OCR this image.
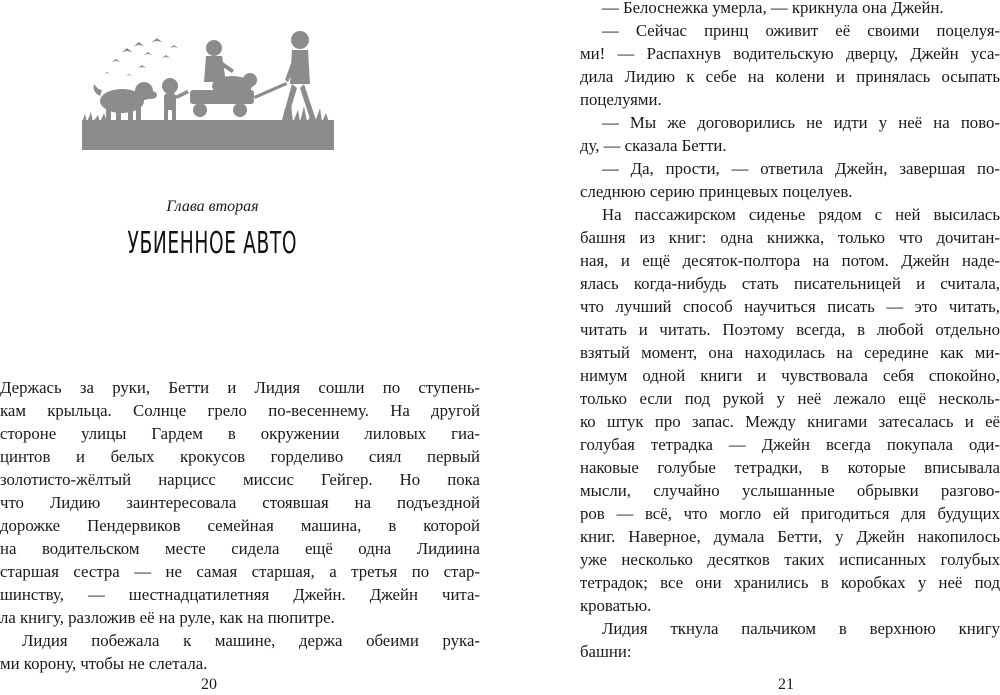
Глава вторая
УБИЕННОЕ АВТО
Держась за руки, Бетти и Лидия сошли по ступень-
кам крыльца. Солнце грело по-весеннему. На другой
стороне улицы Гардем в окружении лиловых гиа-
цинтов и белых крокусов горделиво сиял первый
золотисто-жёлтый нарцисс миссис Гейгер. Но пока
что Лидию заинтересовала стоявшая на подъездной
дорожке Пендервиков семейная машина, в которой
на водительском месте сидела ещё одна Лидиина
старшая сестра — не самая старшая, а третья по стар-
шинству, — шестнадцатилетняя Джейн. Джейн чита-
ла книгу, разложив её на руле, как на пюпитре.
Лидия побежала к машине, держа обеими рука-
ми корону, чтобы не слетала.
20
— Белоснежка умерла, — крикнула она Джейн.
— Сейчас принц оживит её своими поцелуя-
ми! — Распахнув водительскую дверцу, Джейн уса-
дила Лидию к себе на колени и принялась осыпать
поцелуями.
— Мы же договорились не идти у неё на пово-
ду, — сказала Бетти.
— Да, прости, — ответила Джейн, завершая по-
следнюю серию принцевых поцелуев.
На пассажирском сиденье рядом с ней высилась
башня из книг: одна книжка, только что дочитан-
ная, и ещё десяток-полтора на потом. Джейн наде-
ялась когда-нибудь стать писательницей и считала,
что лучший способ научиться писать — это читать,
читать и читать. Поэтому всегда, в любой отдельно
взятый момент, она находилась на середине как ми-
нимум одной книги и чувствовала себя спокойно,
только если под рукой у неё лежало ещё несколь-
ко штук про запас. Между книгами затесалась и её
голубая тетрадка — Джейн всегда покупала оди-
наковые голубые тетрадки, в которые вписывала
мысли, случайно услышанные обрывки разгово-
ров — всё, что могло ей пригодиться для будущих
книг. Наверное, думала Бетти, у Джейн накопилось
уже несколько десятков таких исписанных голубых
тетрадок; все они хранились в коробках у неё под
кроватью.
Лидия ткнула пальчиком в верхнюю книгу
башни:
21
